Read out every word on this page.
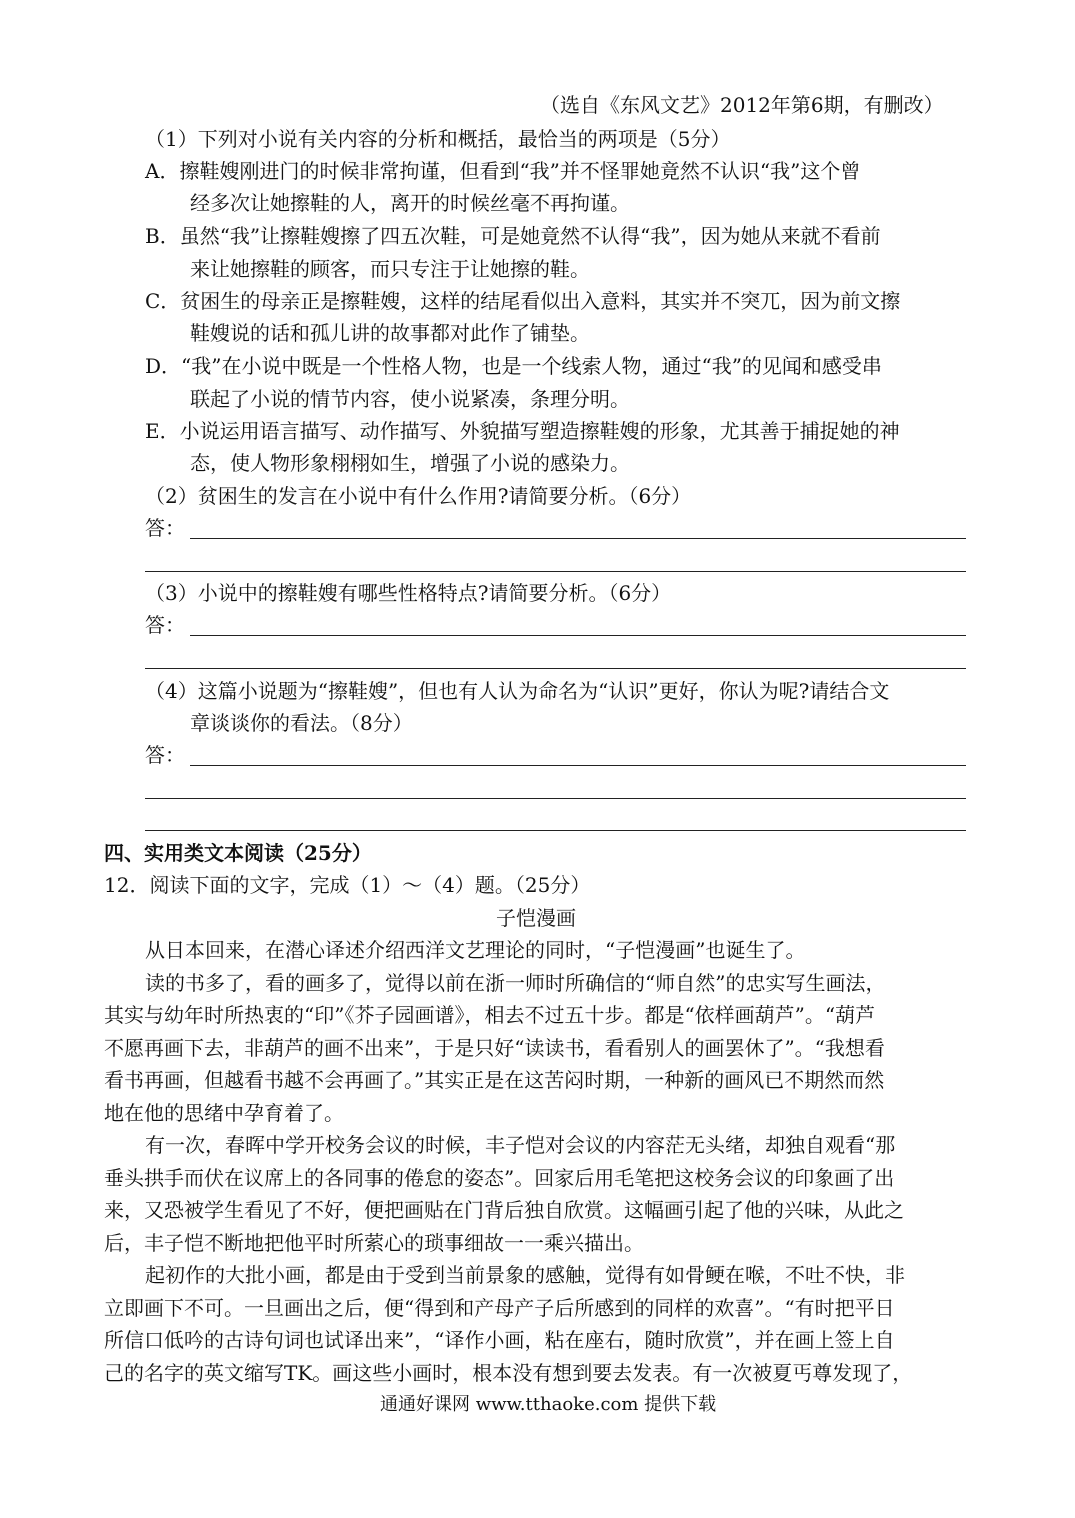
（选自《东风文艺》2012年第6期，有删改）
（1）下列对小说有关内容的分析和概括，最恰当的两项是（5分）
A．擦鞋嫂刚进门的时候非常拘谨，但看到“我”并不怪罪她竟然不认识“我”这个曾
经多次让她擦鞋的人，离开的时候丝毫不再拘谨。
B．虽然“我”让擦鞋嫂擦了四五次鞋，可是她竟然不认得“我”，因为她从来就不看前
来让她擦鞋的顾客，而只专注于让她擦的鞋。
C．贫困生的母亲正是擦鞋嫂，这样的结尾看似出入意料，其实并不突兀，因为前文擦
鞋嫂说的话和孤儿讲的故事都对此作了铺垫。
D．“我”在小说中既是一个性格人物，也是一个线索人物，通过“我”的见闻和感受串
联起了小说的情节内容，使小说紧凑，条理分明。
E．小说运用语言描写、动作描写、外貌描写塑造擦鞋嫂的形象，尤其善于捕捉她的神
态，使人物形象栩栩如生，增强了小说的感染力。
（2）贫困生的发言在小说中有什么作用?请简要分析。（6分）
答：
（3）小说中的擦鞋嫂有哪些性格特点?请简要分析。（6分）
答：
（4）这篇小说题为“擦鞋嫂”，但也有人认为命名为“认识”更好，你认为呢?请结合文
章谈谈你的看法。（8分）
答：
四、实用类文本阅读（25分）
12．阅读下面的文字，完成（1）～（4）题。（25分）
子恺漫画
从日本回来，在潜心译述介绍西洋文艺理论的同时，“子恺漫画”也诞生了。
读的书多了，看的画多了，觉得以前在浙一师时所确信的“师自然”的忠实写生画法，
其实与幼年时所热衷的“印”《芥子园画谱》，相去不过五十步。都是“依样画葫芦”。“葫芦
不愿再画下去，非葫芦的画不出来”，于是只好“读读书，看看别人的画罢休了”。“我想看
看书再画，但越看书越不会再画了。”其实正是在这苦闷时期，一种新的画风已不期然而然
地在他的思绪中孕育着了。
有一次，春晖中学开校务会议的时候，丰子恺对会议的内容茫无头绪，却独自观看“那
垂头拱手而伏在议席上的各同事的倦怠的姿态”。回家后用毛笔把这校务会议的印象画了出
来，又恐被学生看见了不好，便把画贴在门背后独自欣赏。这幅画引起了他的兴味，从此之
后，丰子恺不断地把他平时所萦心的琐事细故一一乘兴描出。
起初作的大批小画，都是由于受到当前景象的感触，觉得有如骨鲠在喉，不吐不快，非
立即画下不可。一旦画出之后，便“得到和产母产子后所感到的同样的欢喜”。“有时把平日
所信口低吟的古诗句词也试译出来”，“译作小画，粘在座右，随时欣赏”，并在画上签上自
己的名字的英文缩写TK。画这些小画时，根本没有想到要去发表。有一次被夏丐尊发现了，
通通好课网 www.tthaoke.com 提供下载
